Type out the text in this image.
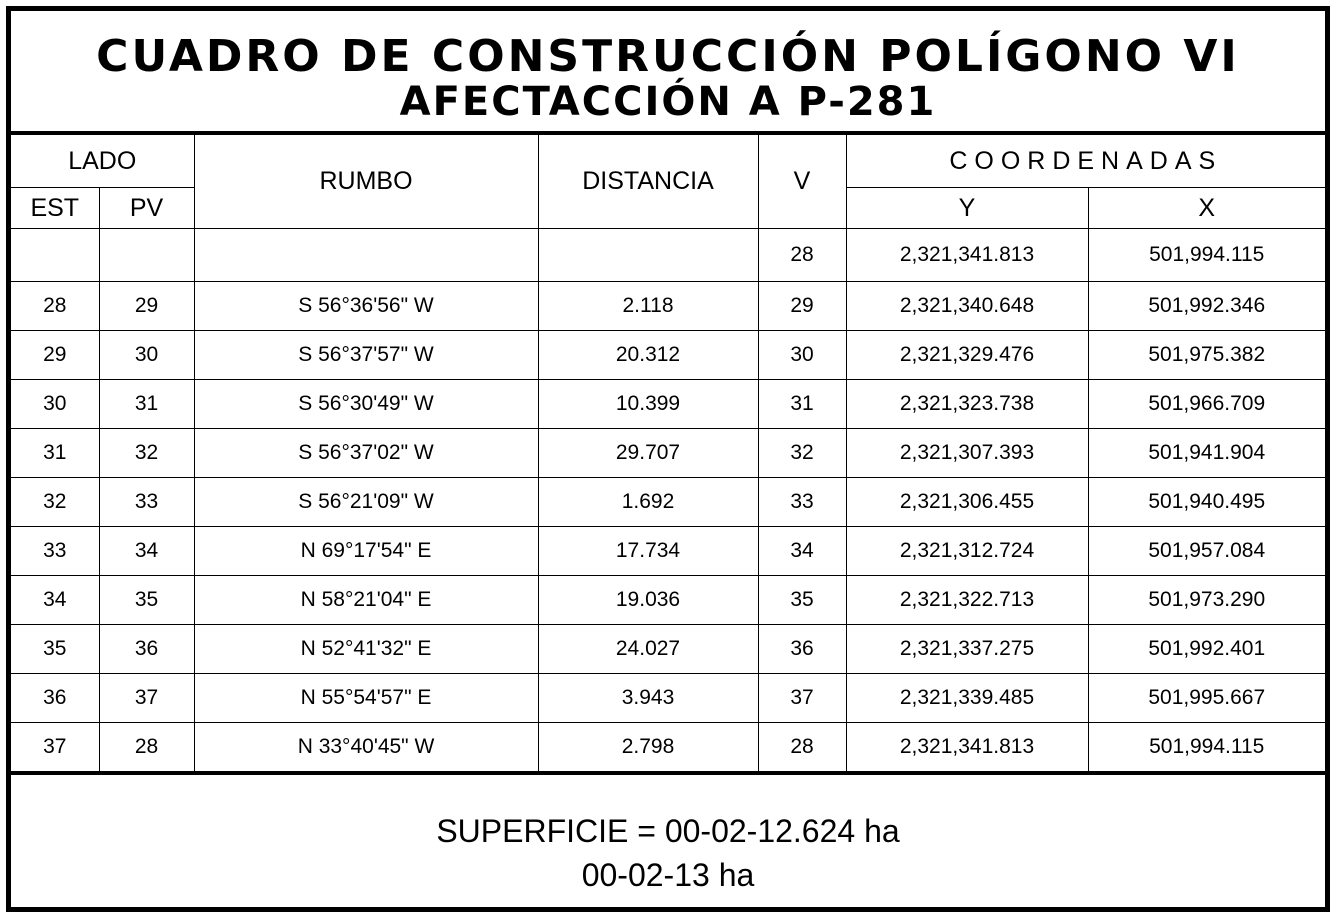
CUADRO DE CONSTRUCCIÓN POLÍGONO VI
AFECTACCIÓN A P-281
LADO		RUMBO	DISTANCIA	V	COORDENADAS	
EST	PV				Y	X
				28	2,321,341.813	501,994.115
28	29	S 56°36'56" W	2.118	29	2,321,340.648	501,992.346
29	30	S 56°37'57" W	20.312	30	2,321,329.476	501,975.382
30	31	S 56°30'49" W	10.399	31	2,321,323.738	501,966.709
31	32	S 56°37'02" W	29.707	32	2,321,307.393	501,941.904
32	33	S 56°21'09" W	1.692	33	2,321,306.455	501,940.495
33	34	N 69°17'54" E	17.734	34	2,321,312.724	501,957.084
34	35	N 58°21'04" E	19.036	35	2,321,322.713	501,973.290
35	36	N 52°41'32" E	24.027	36	2,321,337.275	501,992.401
36	37	N 55°54'57" E	3.943	37	2,321,339.485	501,995.667
37	28	N 33°40'45" W	2.798	28	2,321,341.813	501,994.115
SUPERFICIE = 00-02-12.624 ha
00-02-13 ha
